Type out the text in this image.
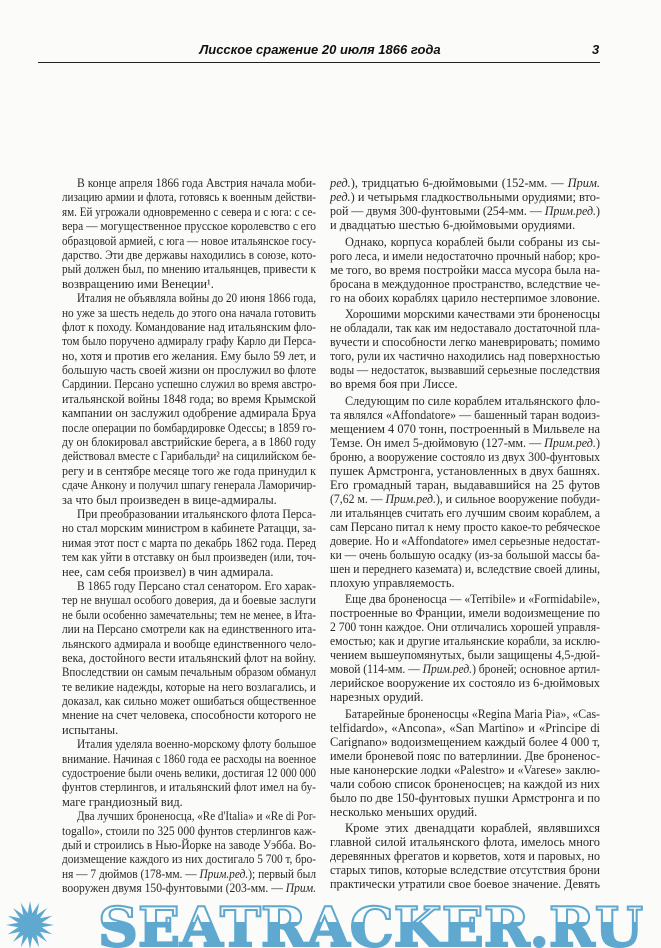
Лисское сражение 20 июля 1866 года	3
В конце апреля 1866 года Австрия начала моби-
лизацию армии и флота, готовясь к военным действи-
ям. Ей угрожали одновременно с севера и с юга: с се-
вера — могущественное прусское королевство с его
образцовой армией, с юга — новое итальянское госу-
дарство. Эти две державы находились в союзе, кото-
рый должен был, по мнению итальянцев, привести к
возвращению ими Венеции¹.
Италия не объявляла войны до 20 июня 1866 года,
но уже за шесть недель до этого она начала готовить
флот к походу. Командование над итальянским фло-
том было поручено адмиралу графу Карло ди Перса-
но, хотя и против его желания. Ему было 59 лет, и
большую часть своей жизни он прослужил во флоте
Сардинии. Персано успешно служил во время австро-
итальянской войны 1848 года; во время Крымской
кампании он заслужил одобрение адмирала Бруа
после операции по бомбардировке Одессы; в 1859 го-
ду он блокировал австрийские берега, а в 1860 году
действовал вместе с Гарибальди² на сицилийском бе-
регу и в сентябре месяце того же года принудил к
сдаче Анкону и получил шпагу генерала Ламоричир-
за что был произведен в вице-адмиралы.
При преобразовании итальянского флота Перса-
но стал морским министром в кабинете Ратацци, за-
нимая этот пост с марта по декабрь 1862 года. Перед
тем как уйти в отставку он был произведен (или, точ-
нее, сам себя произвел) в чин адмирала.
В 1865 году Персано стал сенатором. Его харак-
тер не внушал особого доверия, да и боевые заслуги
не были особенно замечательны; тем не менее, в Ита-
лии на Персано смотрели как на единственного ита-
льянского адмирала и вообще единственного чело-
века, достойного вести итальянский флот на войну.
Впоследствии он самым печальным образом обманул
те великие надежды, которые на него возлагались, и
доказал, как сильно может ошибаться общественное
мнение на счет человека, способности которого не
испытаны.
Италия уделяла военно-морскому флоту большое
внимание. Начиная с 1860 года ее расходы на военное
судостроение были очень велики, достигая 12 000 000
фунтов стерлингов, и итальянский флот имел на бу-
маге грандиозный вид.
Два лучших броненосца, «Re d'Italia» и «Re di Por-
togallo», стоили по 325 000 фунтов стерлингов каж-
дый и строились в Нью-Йорке на заводе Уэбба. Во-
доизмещение каждого из них достигало 5 700 т, бро-
ня — 7 дюймов (178-мм. — Прим.ред.); первый был
вооружен двумя 150-фунтовыми (203-мм. — Прим.
ред.), тридцатью 6-дюймовыми (152-мм. — Прим.
ред.) и четырьмя гладкоствольными орудиями; вто-
рой — двумя 300-фунтовыми (254-мм. — Прим.ред.)
и двадцатью шестью 6-дюймовыми орудиями.
Однако, корпуса кораблей были собраны из сы-
рого леса, и имели недостаточно прочный набор; кро-
ме того, во время постройки масса мусора была на-
бросана в междудонное пространство, вследствие че-
го на обоих кораблях царило нестерпимое зловоние.
Хорошими морскими качествами эти броненосцы
не обладали, так как им недоставало достаточной пла-
вучести и способности легко маневрировать; помимо
того, рули их частично находились над поверхностью
воды — недостаток, вызвавший серьезные последствия
во время боя при Лиссе.
Следующим по силе кораблем итальянского фло-
та являлся «Affondatore» — башенный таран водоиз-
мещением 4 070 тонн, построенный в Мильвеле на
Темзе. Он имел 5-дюймовую (127-мм. — Прим.ред.)
броню, а вооружение состояло из двух 300-фунтовых
пушек Армстронга, установленных в двух башнях.
Его громадный таран, выдававшийся на 25 футов
(7,62 м. — Прим.ред.), и сильное вооружение побуди-
ли итальянцев считать его лучшим своим кораблем, а
сам Персано питал к нему просто какое-то ребяческое
доверие. Но и «Affondatore» имел серьезные недостат-
ки — очень большую осадку (из-за большой массы ба-
шен и переднего каземата) и, вследствие своей длины,
плохую управляемость.
Еще два броненосца — «Terribile» и «Formidabile»,
построенные во Франции, имели водоизмещение по
2 700 тонн каждое. Они отличались хорошей управля-
емостью; как и другие итальянские корабли, за исклю-
чением вышеупомянутых, были защищены 4,5-дюй-
мовой (114-мм. — Прим.ред.) броней; основное артил-
лерийское вооружение их состояло из 6-дюймовых
нарезных орудий.
Батарейные броненосцы «Regina Maria Pia», «Cas-
telfidardo», «Ancona», «San Martino» и «Principe di
Carignano» водоизмещением каждый более 4 000 т,
имели броневой пояс по ватерлинии. Две броненос-
ные канонерские лодки «Palestro» и «Varese» заклю-
чали собою список броненосцев; на каждой из них
было по две 150-фунтовых пушки Армстронга и по
несколько меньших орудий.
Кроме этих двенадцати кораблей, являвшихся
главной силой итальянского флота, имелось много
деревянных фрегатов и корветов, хотя и паровых, но
старых типов, которые вследствие отсутствия брони
практически утратили свое боевое значение. Девять
SEATRACKER.RU
